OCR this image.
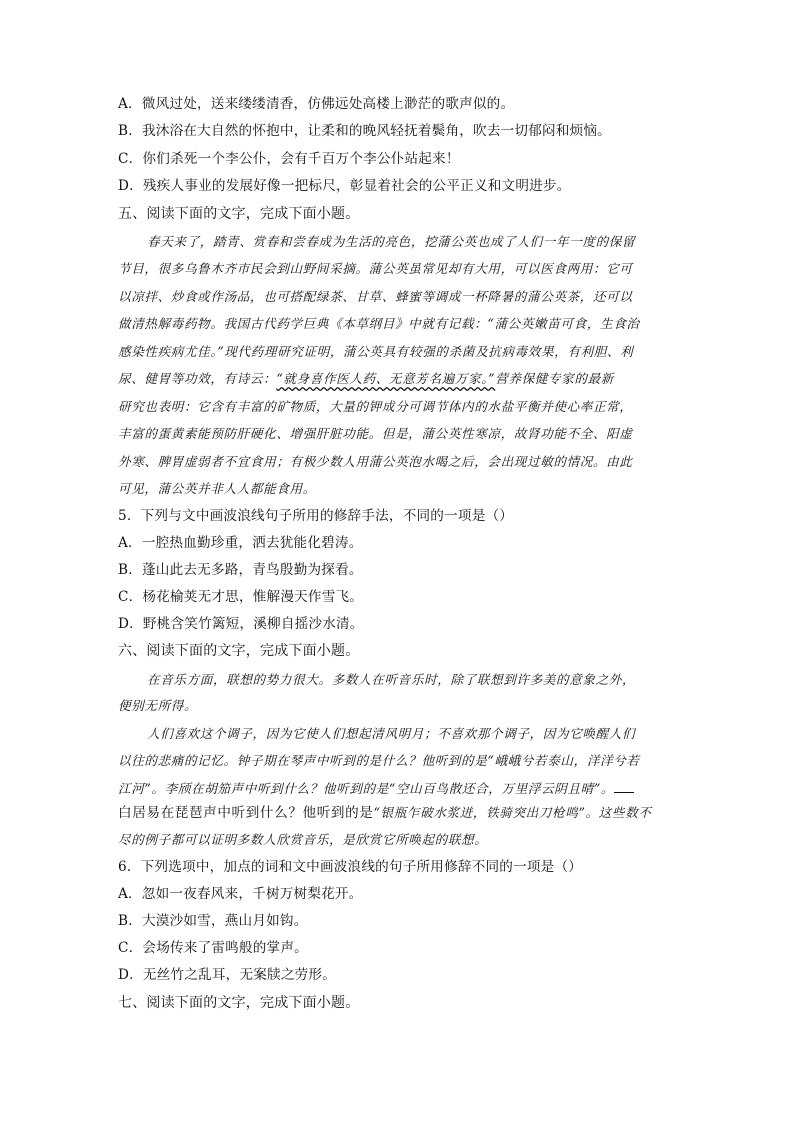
A．微风过处，送来缕缕清香，仿佛远处高楼上渺茫的歌声似的。
B．我沐浴在大自然的怀抱中，让柔和的晚风轻抚着鬓角，吹去一切郁闷和烦恼。
C．你们杀死一个李公仆，会有千百万个李公仆站起来！
D．残疾人事业的发展好像一把标尺，彰显着社会的公平正义和文明进步。
五、阅读下面的文字，完成下面小题。
春天来了，踏青、赏春和尝春成为生活的亮色，挖蒲公英也成了人们一年一度的保留
节目，很多乌鲁木齐市民会到山野间采摘。蒲公英虽常见却有大用，可以医食两用：它可
以凉拌、炒食或作汤品，也可搭配绿茶、甘草、蜂蜜等调成一杯降暑的蒲公英茶，还可以
做清热解毒药物。我国古代药学巨典《本草纲目》中就有记载：“蒲公英嫩苗可食，生食治
感染性疾病尤佳。”现代药理研究证明，蒲公英具有较强的杀菌及抗病毒效果，有利胆、利
尿、健胃等功效，有诗云：“就身喜作医人药、无意芳名遍万家。”营养保健专家的最新
研究也表明：它含有丰富的矿物质，大量的钾成分可调节体内的水盐平衡并使心率正常，
丰富的蛋黄素能预防肝硬化、增强肝脏功能。但是，蒲公英性寒凉，故肾功能不全、阳虚
外寒、脾胃虚弱者不宜食用；有极少数人用蒲公英泡水喝之后，会出现过敏的情况。由此
可见，蒲公英并非人人都能食用。
5．下列与文中画波浪线句子所用的修辞手法，不同的一项是（）
A．一腔热血勤珍重，洒去犹能化碧涛。
B．蓬山此去无多路，青鸟殷勤为探看。
C．杨花榆荚无才思，惟解漫天作雪飞。
D．野桃含笑竹篱短，溪柳自摇沙水清。
六、阅读下面的文字，完成下面小题。
在音乐方面，联想的势力很大。多数人在听音乐时，除了联想到许多美的意象之外，
便别无所得。
人们喜欢这个调子，因为它使人们想起清风明月；不喜欢那个调子，因为它唤醒人们
以往的悲痛的记忆。钟子期在琴声中听到的是什么？他听到的是“峨峨兮若泰山，洋洋兮若
江河”。李颀在胡笳声中听到什么？他听到的是“空山百鸟散还合，万里浮云阴且晴”。
白居易在琵琶声中听到什么？他听到的是“银瓶乍破水浆迸，铁骑突出刀枪鸣”。这些数不
尽的例子都可以证明多数人欣赏音乐，是欣赏它所唤起的联想。
6．下列选项中，加点的词和文中画波浪线的句子所用修辞不同的一项是（）
A．忽如一夜春风来，千树万树梨花开。
B．大漠沙如雪，燕山月如钩。
C．会场传来了雷鸣般的掌声。
D．无丝竹之乱耳，无案牍之劳形。
七、阅读下面的文字，完成下面小题。
